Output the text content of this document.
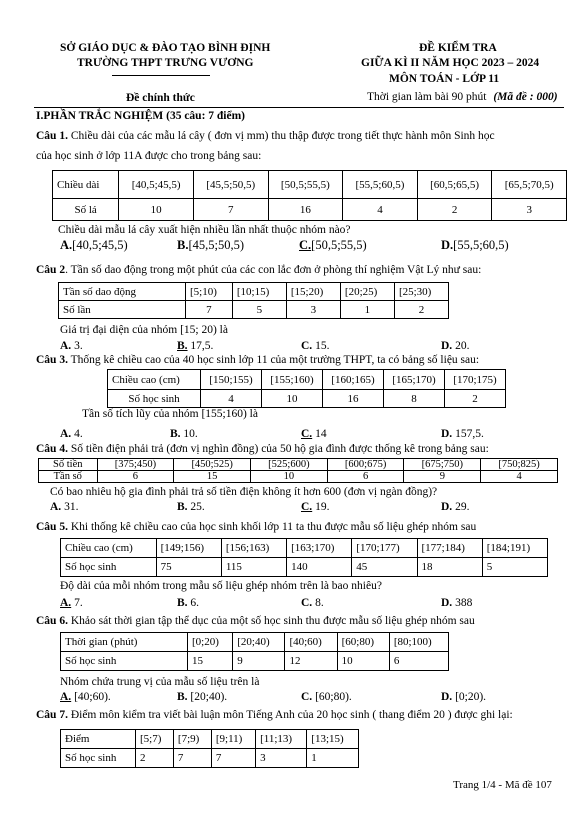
SỞ GIÁO DỤC & ĐÀO TẠO BÌNH ĐỊNH
TRƯỜNG THPT TRƯNG VƯƠNG
Đề chính thức
ĐỀ KIỂM TRA
GIỮA KÌ II NĂM HỌC 2023 – 2024
MÔN TOÁN - LỚP 11
Thời gian làm bài 90 phút (Mã đề : 000)
I.PHẦN TRẮC NGHIỆM (35 câu: 7 điểm)
Câu 1. Chiều dài của các mẫu lá cây ( đơn vị mm) thu thập được trong tiết thực hành môn Sinh học
của học sinh ở lớp 11A được cho trong bảng sau:
Chiều dài	[40,5;45,5)	[45,5;50,5)	[50,5;55,5)	[55,5;60,5)	[60,5;65,5)	[65,5;70,5)
Số lá	10	7	16	4	2	3
Chiều dài mẫu lá cây xuất hiện nhiều lần nhất thuộc nhóm nào?
A.[40,5;45,5)	B.[45,5;50,5)	C.[50,5;55,5)	D.[55,5;60,5)
Câu 2. Tần số dao động trong một phút của các con lắc đơn ở phòng thí nghiệm Vật Lý như sau:
Tần số dao động	[5;10)	[10;15)	[15;20)	[20;25)	[25;30)
Số lần	7	5	3	1	2
Giá trị đại diện của nhóm [15; 20) là
A. 3.	B. 17,5.	C. 15.	D. 20.
Câu 3. Thống kê chiều cao của 40 học sinh lớp 11 của một trường THPT, ta có bảng số liệu sau:
Chiều cao (cm)	[150;155)	[155;160)	[160;165)	[165;170)	[170;175)
Số học sinh	4	10	16	8	2
Tần số tích lũy của nhóm [155;160) là
A. 4.	B. 10.	C. 14	D. 157,5.
Câu 4. Số tiền điện phải trả (đơn vị nghìn đồng) của 50 hộ gia đình được thống kê trong bảng sau:
Số tiền	[375;450)	[450;525)	[525;600)	[600;675)	[675;750)	[750;825)
Tần số	6	15	10	6	9	4
Có bao nhiêu hộ gia đình phải trả số tiền điện không ít hơn 600 (đơn vị ngàn đồng)?
A. 31.	B. 25.	C. 19.	D. 29.
Câu 5. Khi thống kê chiều cao của học sinh khối lớp 11 ta thu được mẫu số liệu ghép nhóm sau
Chiều cao (cm)	[149;156)	[156;163)	[163;170)	[170;177)	[177;184)	[184;191)
Số học sinh	75	115	140	45	18	5
Độ dài của mỗi nhóm trong mẫu số liệu ghép nhóm trên là bao nhiêu?
A. 7.	B. 6.	C. 8.	D. 388
Câu 6. Khảo sát thời gian tập thể dục của một số học sinh thu được mẫu số liệu ghép nhóm sau
Thời gian (phút)	[0;20)	[20;40)	[40;60)	[60;80)	[80;100)
Số học sinh	15	9	12	10	6
Nhóm chứa trung vị của mẫu số liệu trên là
A. [40;60).	B. [20;40).	C. [60;80).	D. [0;20).
Câu 7. Điểm môn kiểm tra viết bài luận môn Tiếng Anh của 20 học sinh ( thang điểm 20 ) được ghi lại:
Điểm	[5;7)	[7;9)	[9;11)	[11;13)	[13;15)
Số học sinh	2	7	7	3	1
Trang 1/4 - Mã đề 107
